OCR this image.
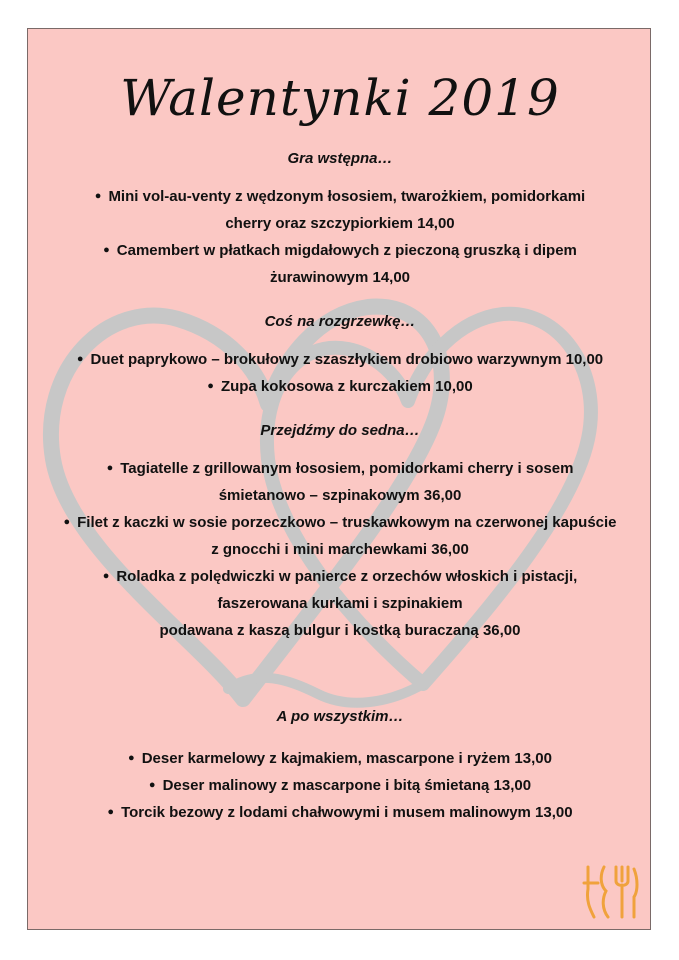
Walentynki 2019

Gra wstępna…

● Mini vol-au-venty z wędzonym łososiem, twarożkiem, pomidorkami

cherry oraz szczypiorkiem 14,00

● Camembert w płatkach migdałowych z pieczoną gruszką i dipem

żurawinowym 14,00

Coś na rozgrzewkę…

● Duet paprykowo – brokułowy z szaszłykiem drobiowo warzywnym 10,00

● Zupa kokosowa z kurczakiem 10,00

Przejdźmy do sedna…

● Tagiatelle z grillowanym łososiem, pomidorkami cherry i sosem

śmietanowo – szpinakowym 36,00

● Filet z kaczki w sosie porzeczkowo – truskawkowym na czerwonej kapuście

z gnocchi i mini marchewkami 36,00

● Roladka z polędwiczki w panierce z orzechów włoskich i pistacji,

faszerowana kurkami i szpinakiem

podawana z kaszą bulgur i kostką buraczaną 36,00

A po wszystkim…

● Deser karmelowy z kajmakiem, mascarpone i ryżem 13,00

● Deser malinowy z mascarpone i bitą śmietaną 13,00

● Torcik bezowy z lodami chałwowymi i musem malinowym 13,00
